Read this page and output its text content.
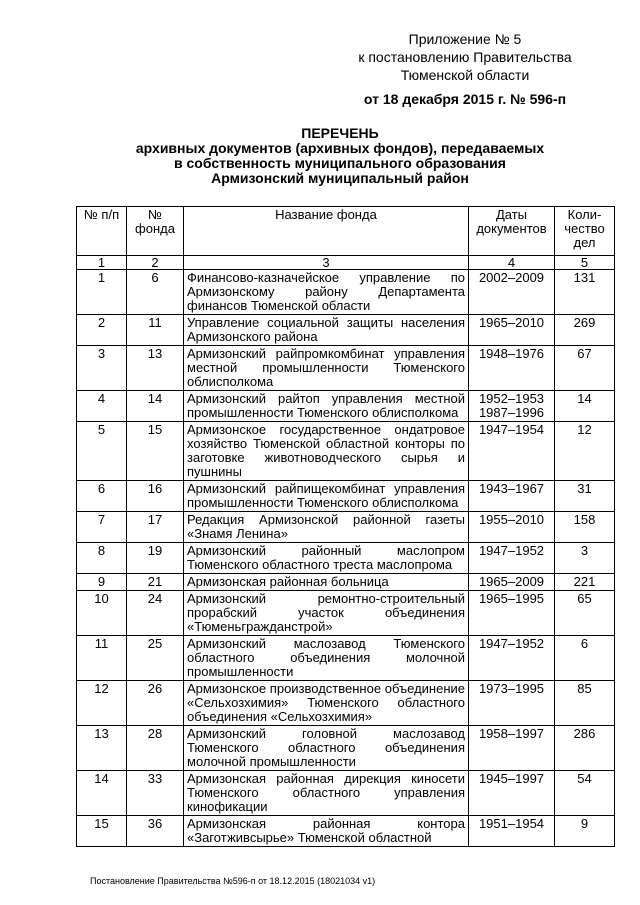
Приложение № 5
к постановлению Правительства
Тюменской области
от 18 декабря 2015 г. № 596-п
ПЕРЕЧЕНЬ
архивных документов (архивных фондов), передаваемых
в собственность муниципального образования
Армизонский муниципальный район
№ п/п	№ фонда	Название фонда	Даты документов	Коли-чество дел
1	2	3	4	5
1	6	Финансово-казначейское управление по Армизонскому району Департамента финансов Тюменской области	2002–2009	131
2	11	Управление социальной защиты населения Армизонского района	1965–2010	269
3	13	Армизонский райпромкомбинат управления местной промышленности Тюменского облисполкома	1948–1976	67
4	14	Армизонский райтоп управления местной промышленности Тюменского облисполкома	1952–1953 1987–1996	14
5	15	Армизонское государственное ондатровое хозяйство Тюменской областной конторы по заготовке животноводческого сырья и пушнины	1947–1954	12
6	16	Армизонский райпищекомбинат управления промышленности Тюменского облисполкома	1943–1967	31
7	17	Редакция Армизонской районной газеты «Знамя Ленина»	1955–2010	158
8	19	Армизонский районный маслопром Тюменского областного треста маслопрома	1947–1952	3
9	21	Армизонская районная больница	1965–2009	221
10	24	Армизонский ремонтно-строительный прорабский участок объединения «Тюменьгражданстрой»	1965–1995	65
11	25	Армизонский маслозавод Тюменского областного объединения молочной промышленности	1947–1952	6
12	26	Армизонское производственное объединение «Сельхозхимия» Тюменского областного объединения «Сельхозхимия»	1973–1995	85
13	28	Армизонский головной маслозавод Тюменского областного объединения молочной промышленности	1958–1997	286
14	33	Армизонская районная дирекция киносети Тюменского областного управления кинофикации	1945–1997	54
15	36	Армизонская районная контора «Заготживсырье» Тюменской областной	1951–1954	9
Постановление Правительства №596-п от 18.12.2015 (18021034 v1)
